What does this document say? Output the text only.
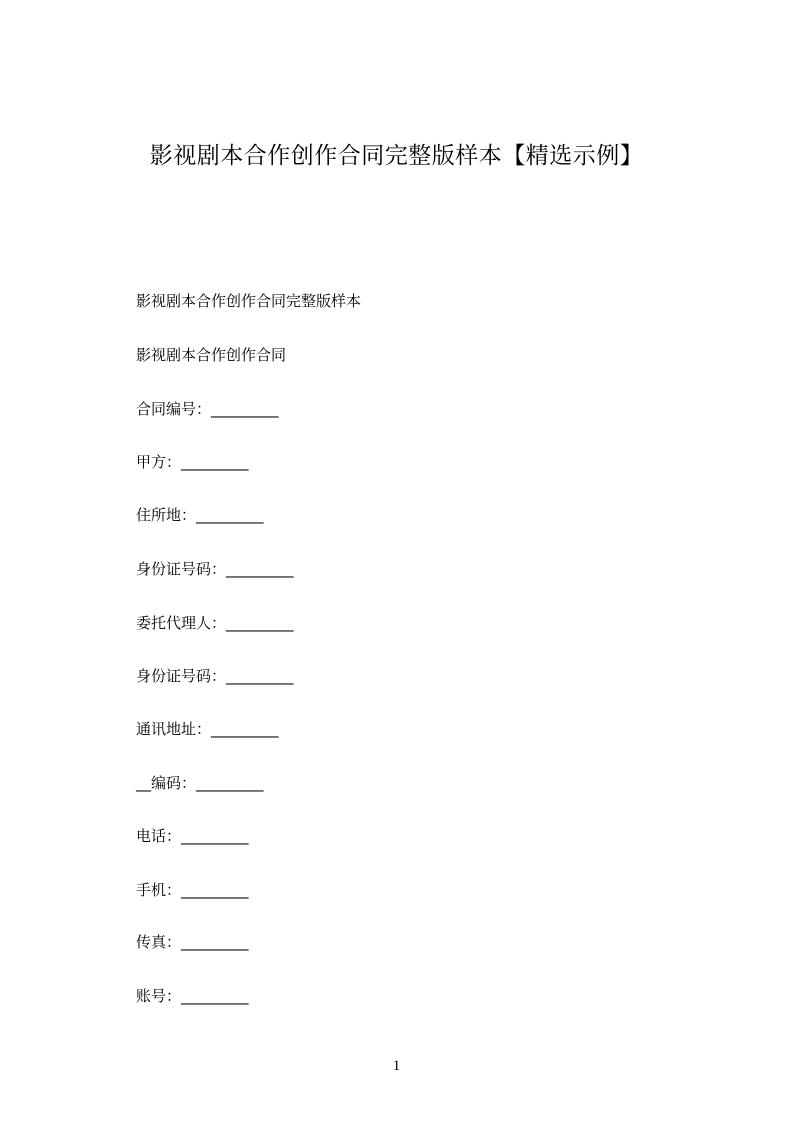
影视剧本合作创作合同完整版样本【精选示例】
影视剧本合作创作合同完整版样本
影视剧本合作创作合同
合同编号：_________
甲方：_________
住所地：_________
身份证号码：_________
委托代理人：_________
身份证号码：_________
通讯地址：_________
__编码：_________
电话：_________
手机：_________
传真：_________
账号：_________
1
